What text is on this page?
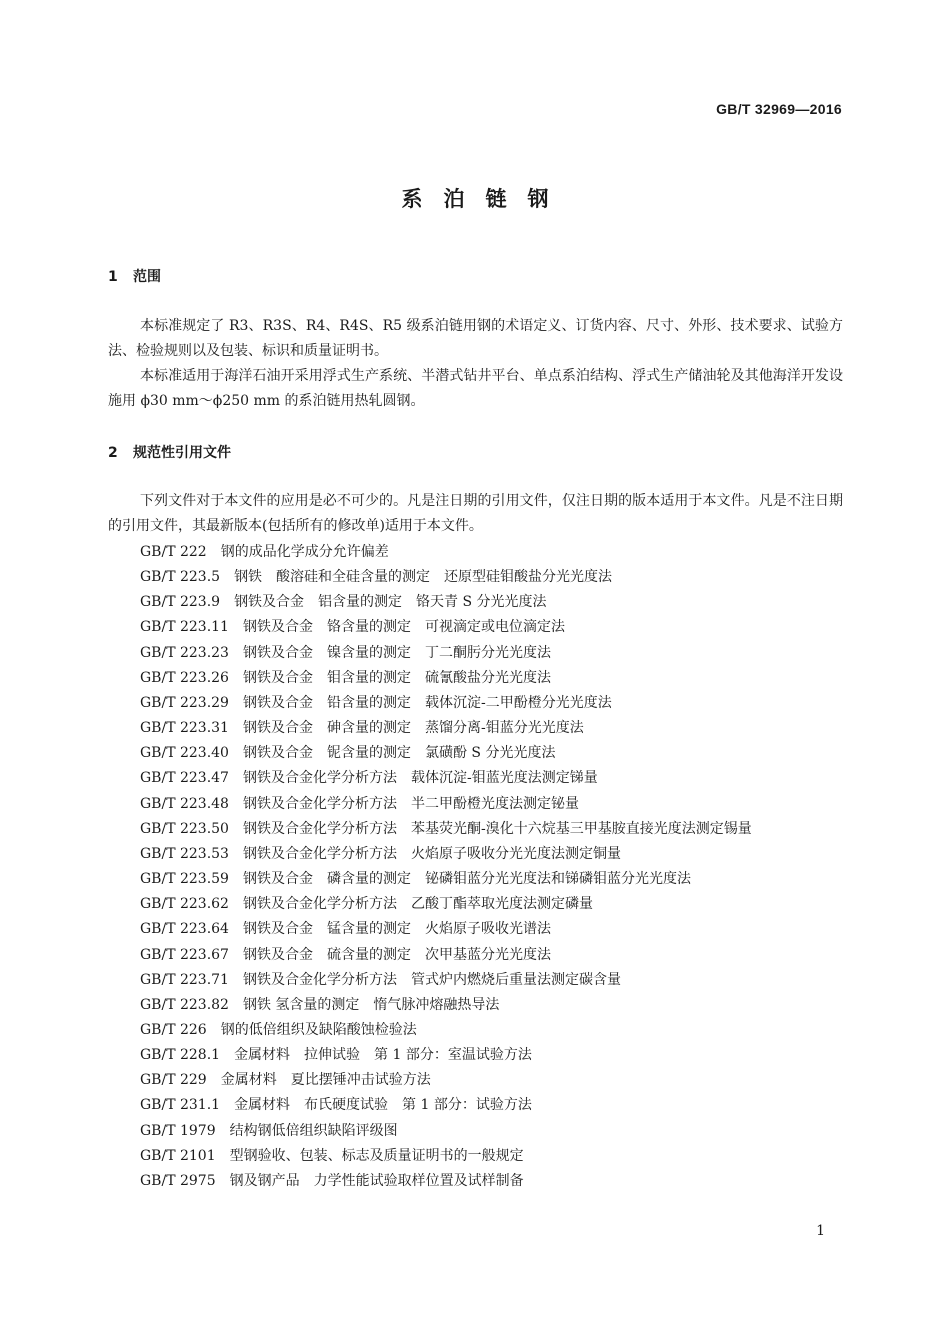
GB/T 32969—2016
系泊链钢
1 范围
本标准规定了 R3、R3S、R4、R4S、R5 级系泊链用钢的术语定义、订货内容、尺寸、外形、技术要求、试验方法、检验规则以及包装、标识和质量证明书。
本标准适用于海洋石油开采用浮式生产系统、半潜式钻井平台、单点系泊结构、浮式生产储油轮及其他海洋开发设施用 ϕ30 mm～ϕ250 mm 的系泊链用热轧圆钢。
2 规范性引用文件
下列文件对于本文件的应用是必不可少的。凡是注日期的引用文件，仅注日期的版本适用于本文件。凡是不注日期的引用文件，其最新版本(包括所有的修改单)适用于本文件。
GB/T 222 钢的成品化学成分允许偏差
GB/T 223.5 钢铁　酸溶硅和全硅含量的测定　还原型硅钼酸盐分光光度法
GB/T 223.9 钢铁及合金　铝含量的测定　铬天青 S 分光光度法
GB/T 223.11 钢铁及合金　铬含量的测定　可视滴定或电位滴定法
GB/T 223.23 钢铁及合金　镍含量的测定　丁二酮肟分光光度法
GB/T 223.26 钢铁及合金　钼含量的测定　硫氰酸盐分光光度法
GB/T 223.29 钢铁及合金　铅含量的测定　载体沉淀-二甲酚橙分光光度法
GB/T 223.31 钢铁及合金　砷含量的测定　蒸馏分离-钼蓝分光光度法
GB/T 223.40 钢铁及合金　铌含量的测定　氯磺酚 S 分光光度法
GB/T 223.47 钢铁及合金化学分析方法　载体沉淀-钼蓝光度法测定锑量
GB/T 223.48 钢铁及合金化学分析方法　半二甲酚橙光度法测定铋量
GB/T 223.50 钢铁及合金化学分析方法　苯基荧光酮-溴化十六烷基三甲基胺直接光度法测定锡量
GB/T 223.53 钢铁及合金化学分析方法　火焰原子吸收分光光度法测定铜量
GB/T 223.59 钢铁及合金　磷含量的测定　铋磷钼蓝分光光度法和锑磷钼蓝分光光度法
GB/T 223.62 钢铁及合金化学分析方法　乙酸丁酯萃取光度法测定磷量
GB/T 223.64 钢铁及合金　锰含量的测定　火焰原子吸收光谱法
GB/T 223.67 钢铁及合金　硫含量的测定　次甲基蓝分光光度法
GB/T 223.71 钢铁及合金化学分析方法　管式炉内燃烧后重量法测定碳含量
GB/T 223.82 钢铁 氢含量的测定　惰气脉冲熔融热导法
GB/T 226 钢的低倍组织及缺陷酸蚀检验法
GB/T 228.1 金属材料　拉伸试验　第 1 部分：室温试验方法
GB/T 229 金属材料　夏比摆锤冲击试验方法
GB/T 231.1 金属材料　布氏硬度试验　第 1 部分：试验方法
GB/T 1979 结构钢低倍组织缺陷评级图
GB/T 2101 型钢验收、包装、标志及质量证明书的一般规定
GB/T 2975 钢及钢产品　力学性能试验取样位置及试样制备
1
